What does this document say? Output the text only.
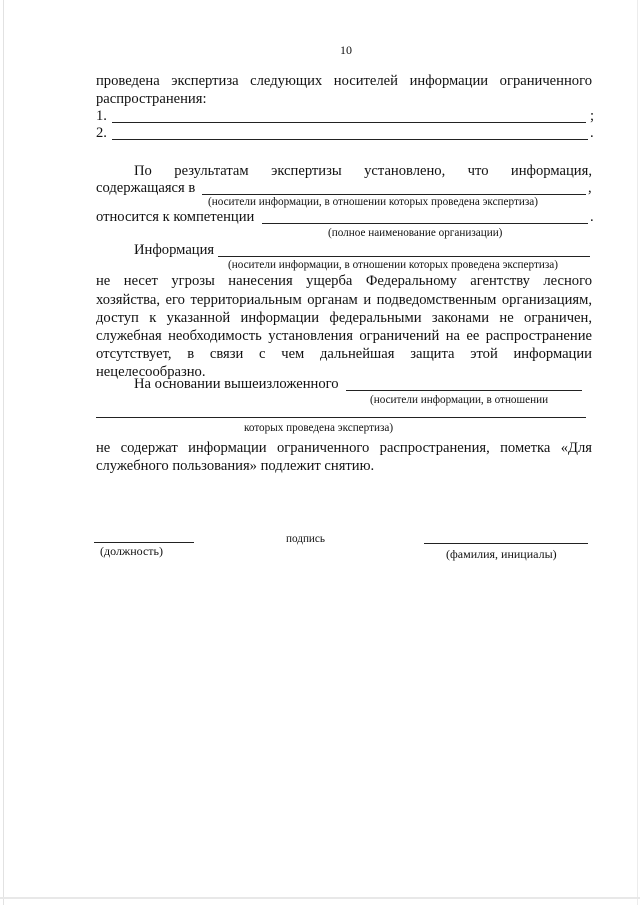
10
проведена экспертиза следующих носителей информации ограниченного
распространения:
1.	;
2.	.
По результатам экспертизы установлено, что информация,
содержащаяся в	,
(носители информации, в отношении которых проведена экспертиза)
относится к компетенции	.
(полное наименование организации)
Информация
(носители информации, в отношении которых проведена экспертиза)
не несет угрозы нанесения ущерба Федеральному агентству лесного
хозяйства, его территориальным органам и подведомственным организациям,
доступ к указанной информации федеральными законами не ограничен,
служебная необходимость установления ограничений на ее распространение
отсутствует, в связи с чем дальнейшая защита этой информации
нецелесообразно.
На основании вышеизложенного
(носители информации, в отношении
которых проведена экспертиза)
не содержат информации ограниченного распространения, пометка «Для
служебного пользования» подлежит снятию.
(должность)
подпись
(фамилия, инициалы)
